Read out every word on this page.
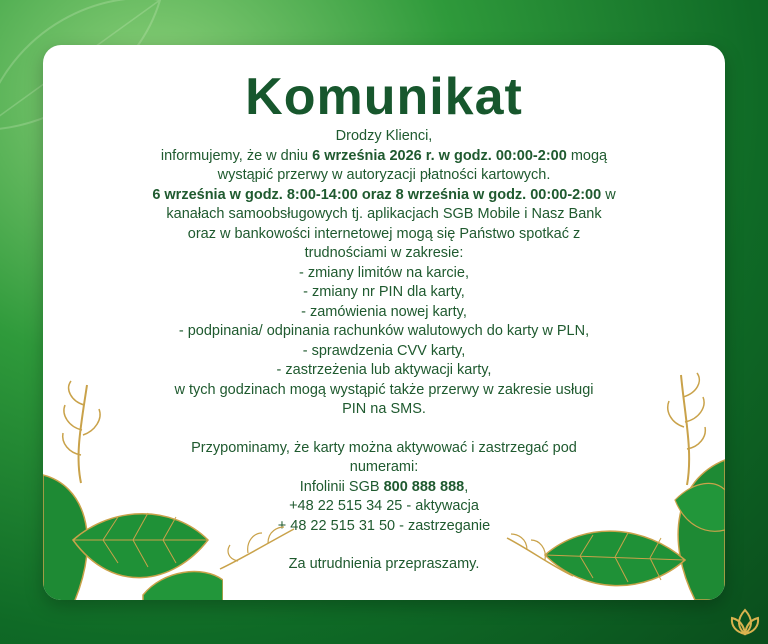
Komunikat

Drodzy Klienci,

informujemy, że w dniu 6 września 2026 r. w godz. 00:00-2:00 mogą

wystąpić przerwy w autoryzacji płatności kartowych.

6 września w godz. 8:00-14:00 oraz 8 września w godz. 00:00-2:00 w

kanałach samoobsługowych tj. aplikacjach SGB Mobile i Nasz Bank

oraz w bankowości internetowej mogą się Państwo spotkać z

trudnościami w zakresie:

- zmiany limitów na karcie,

- zmiany nr PIN dla karty,

- zamówienia nowej karty,

- podpinania/ odpinania rachunków walutowych do karty w PLN,

- sprawdzenia CVV karty,

- zastrzeżenia lub aktywacji karty,

w tych godzinach mogą wystąpić także przerwy w zakresie usługi

PIN na SMS.

Przypominamy, że karty można aktywować i zastrzegać pod

numerami:

Infolinii SGB 800 888 888,

+48 22 515 34 25 - aktywacja

+ 48 22 515 31 50 - zastrzeganie

Za utrudnienia przepraszamy.
